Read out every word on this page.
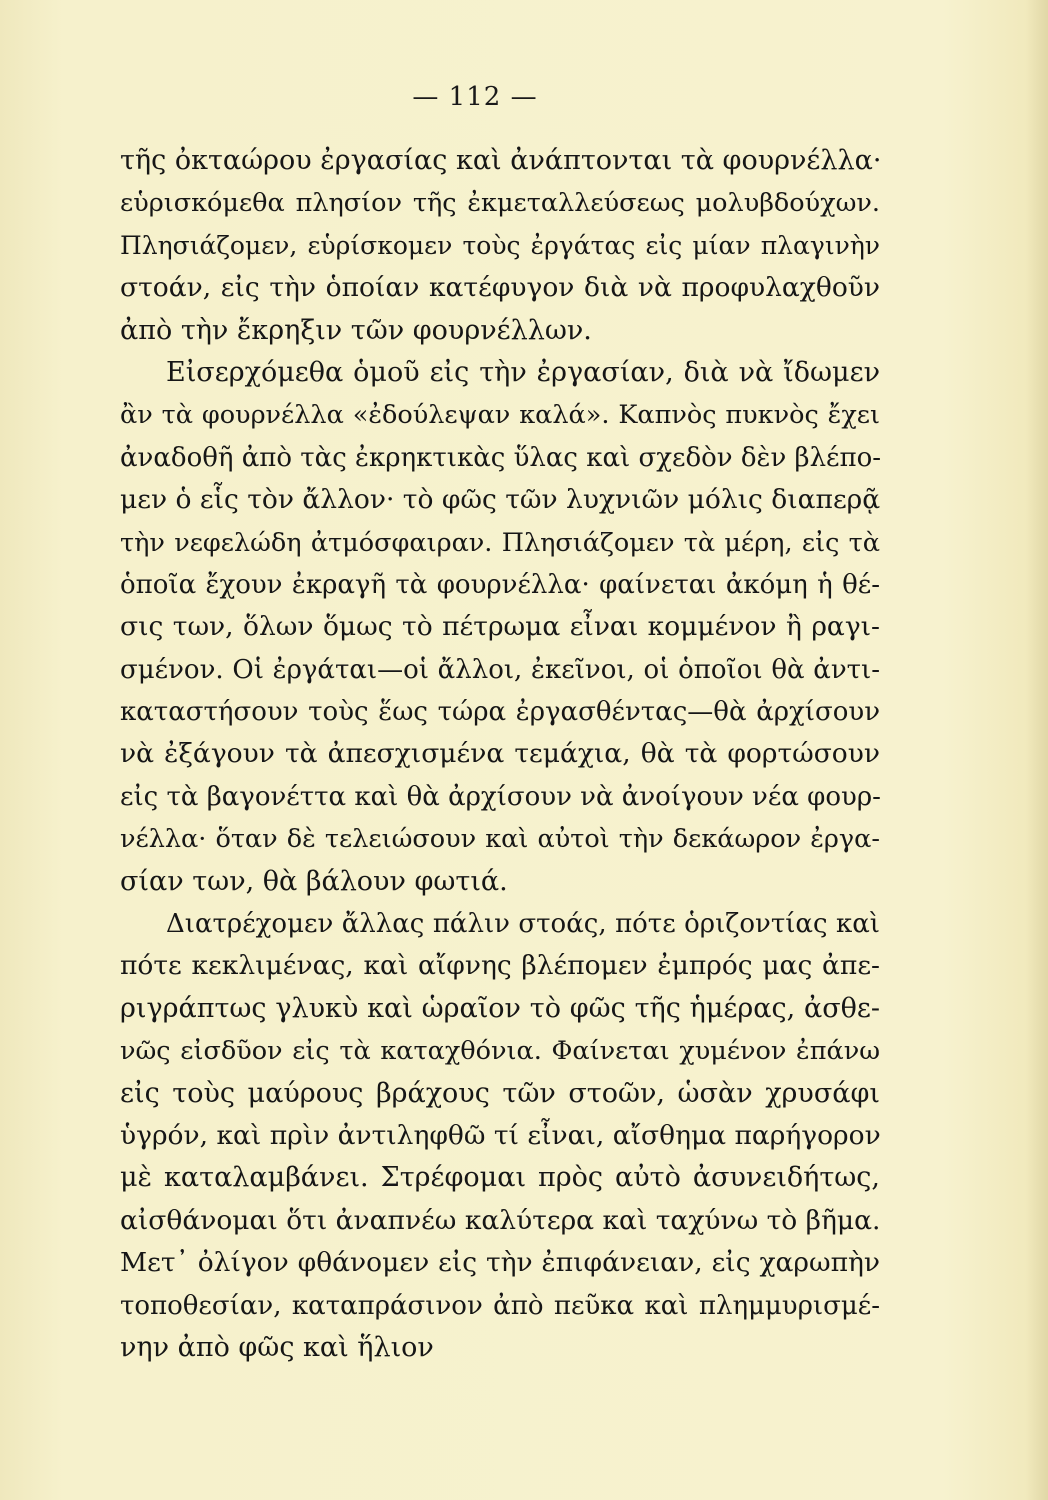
— 112 —
τῆς ὀκταώρου ἐργασίας καὶ ἀνάπτονται τὰ φουρνέλλα·
εὑρισκόμεθα πλησίον τῆς ἐκμεταλλεύσεως μολυβδούχων.
Πλησιάζομεν, εὑρίσκομεν τοὺς ἐργάτας εἰς μίαν πλαγινὴν
στοάν, εἰς τὴν ὁποίαν κατέφυγον διὰ νὰ προφυλαχθοῦν
ἀπὸ τὴν ἔκρηξιν τῶν φουρνέλλων.
Εἰσερχόμεθα ὁμοῦ εἰς τὴν ἐργασίαν, διὰ νὰ ἴδωμεν
ἂν τὰ φουρνέλλα «ἐδούλεψαν καλά». Καπνὸς πυκνὸς ἔχει
ἀναδοθῆ ἀπὸ τὰς ἐκρηκτικὰς ὕλας καὶ σχεδὸν δὲν βλέπο-
μεν ὁ εἷς τὸν ἄλλον· τὸ φῶς τῶν λυχνιῶν μόλις διαπερᾷ
τὴν νεφελώδη ἀτμόσφαιραν. Πλησιάζομεν τὰ μέρη, εἰς τὰ
ὁποῖα ἔχουν ἐκραγῆ τὰ φουρνέλλα· φαίνεται ἀκόμη ἡ θέ-
σις των, ὅλων ὅμως τὸ πέτρωμα εἶναι κομμένον ἢ ραγι-
σμένον. Οἱ ἐργάται—οἱ ἄλλοι, ἐκεῖνοι, οἱ ὁποῖοι θὰ ἀντι-
καταστήσουν τοὺς ἕως τώρα ἐργασθέντας—θὰ ἀρχίσουν
νὰ ἐξάγουν τὰ ἀπεσχισμένα τεμάχια, θὰ τὰ φορτώσουν
εἰς τὰ βαγονέττα καὶ θὰ ἀρχίσουν νὰ ἀνοίγουν νέα φουρ-
νέλλα· ὅταν δὲ τελειώσουν καὶ αὐτοὶ τὴν δεκάωρον ἐργα-
σίαν των, θὰ βάλουν φωτιά.
Διατρέχομεν ἄλλας πάλιν στοάς, πότε ὁριζοντίας καὶ
πότε κεκλιμένας, καὶ αἴφνης βλέπομεν ἐμπρός μας ἀπε-
ριγράπτως γλυκὺ καὶ ὡραῖον τὸ φῶς τῆς ἡμέρας, ἀσθε-
νῶς εἰσδῦον εἰς τὰ καταχθόνια. Φαίνεται χυμένον ἐπάνω
εἰς τοὺς μαύρους βράχους τῶν στοῶν, ὡσὰν χρυσάφι
ὑγρόν, καὶ πρὶν ἀντιληφθῶ τί εἶναι, αἴσθημα παρήγορον
μὲ καταλαμβάνει. Στρέφομαι πρὸς αὐτὸ ἀσυνειδήτως,
αἰσθάνομαι ὅτι ἀναπνέω καλύτερα καὶ ταχύνω τὸ βῆμα.
Μετ᾽ ὀλίγον φθάνομεν εἰς τὴν ἐπιφάνειαν, εἰς χαρωπὴν
τοποθεσίαν, καταπράσινον ἀπὸ πεῦκα καὶ πλημμυρισμέ-
νην ἀπὸ φῶς καὶ ἥλιον
